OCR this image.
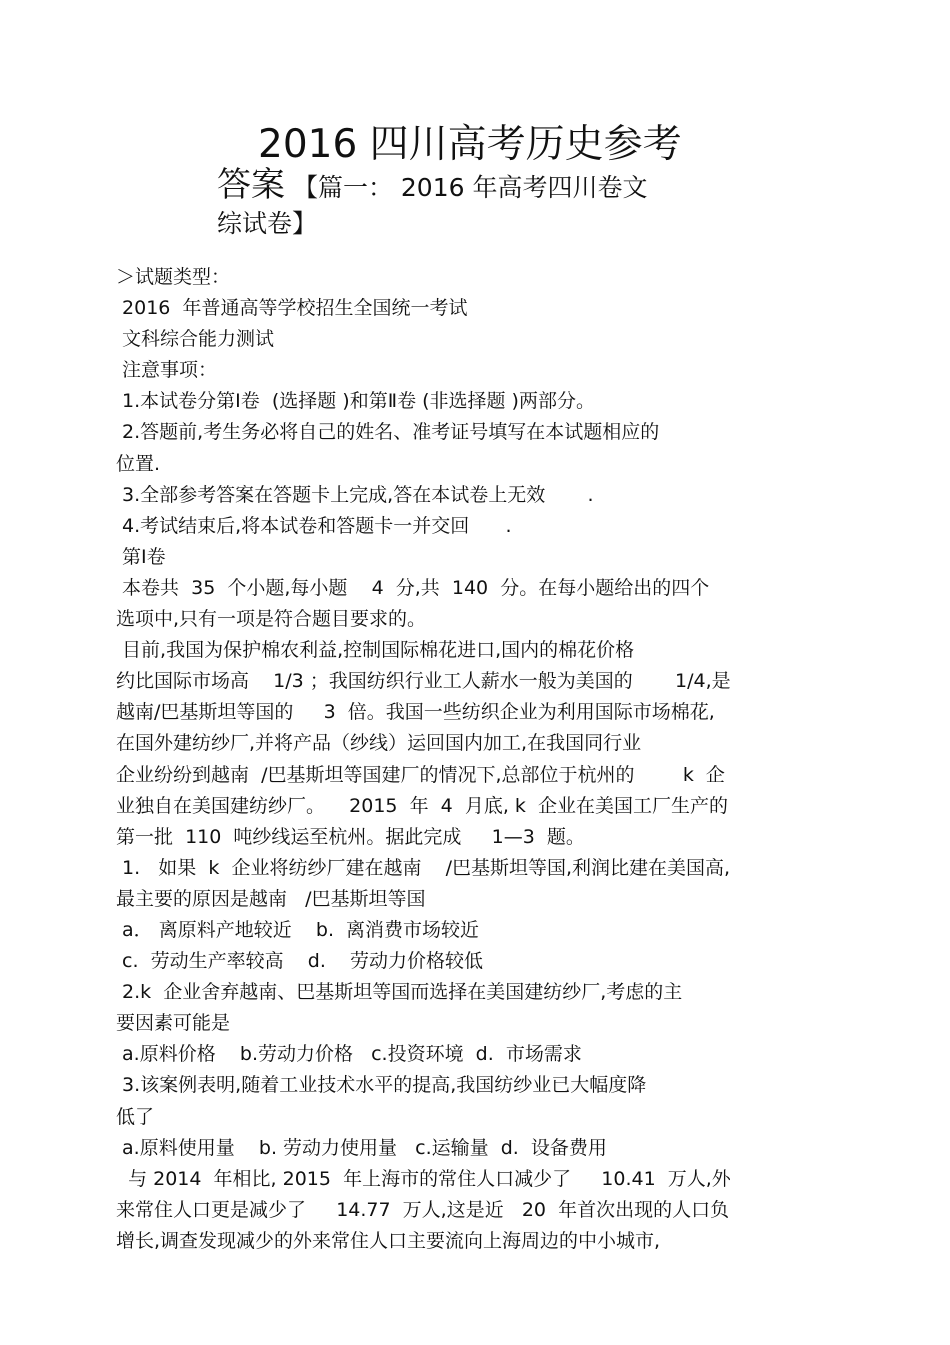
2016 四川高考历史参考
答案 【篇一： 2016 年高考四川卷文
综试卷】
＞试题类型：
2016  年普通高等学校招生全国统一考试
文科综合能力测试
注意事项：
1.本试卷分第Ⅰ卷  (选择题 )和第Ⅱ卷 (非选择题 )两部分。
2.答题前,考生务必将自己的姓名、准考证号填写在本试题相应的
位置.
3.全部参考答案在答题卡上完成,答在本试卷上无效       .
4.考试结束后,将本试卷和答题卡一并交回      .
第Ⅰ卷
本卷共  35  个小题,每小题    4  分,共  140  分。在每小题给出的四个
选项中,只有一项是符合题目要求的。
目前,我国为保护棉农利益,控制国际棉花进口,国内的棉花价格
约比国际市场高    1/3 ；我国纺织行业工人薪水一般为美国的       1/4,是
越南/巴基斯坦等国的     3  倍。我国一些纺织企业为利用国际市场棉花,
在国外建纺纱厂,并将产品（纱线）运回国内加工,在我国同行业
企业纷纷到越南  /巴基斯坦等国建厂的情况下,总部位于杭州的        k  企
业独自在美国建纺纱厂。    2015  年  4  月底, k  企业在美国工厂生产的
第一批  110  吨纱线运至杭州。据此完成     1—3  题。
1.   如果  k  企业将纺纱厂建在越南    /巴基斯坦等国,利润比建在美国高,
最主要的原因是越南   /巴基斯坦等国
a． 离原料产地较近    b.  离消费市场较近
c.  劳动生产率较高    d.    劳动力价格较低
2.k  企业舍弃越南、巴基斯坦等国而选择在美国建纺纱厂,考虑的主
要因素可能是
a.原料价格    b.劳动力价格   c.投资环境  d.  市场需求
3.该案例表明,随着工业技术水平的提高,我国纺纱业已大幅度降
低了
a.原料使用量    b. 劳动力使用量   c.运输量  d.  设备费用
与 2014  年相比, 2015  年上海市的常住人口减少了     10.41  万人,外
来常住人口更是减少了     14.77  万人,这是近   20  年首次出现的人口负
增长,调查发现减少的外来常住人口主要流向上海周边的中小城市,
